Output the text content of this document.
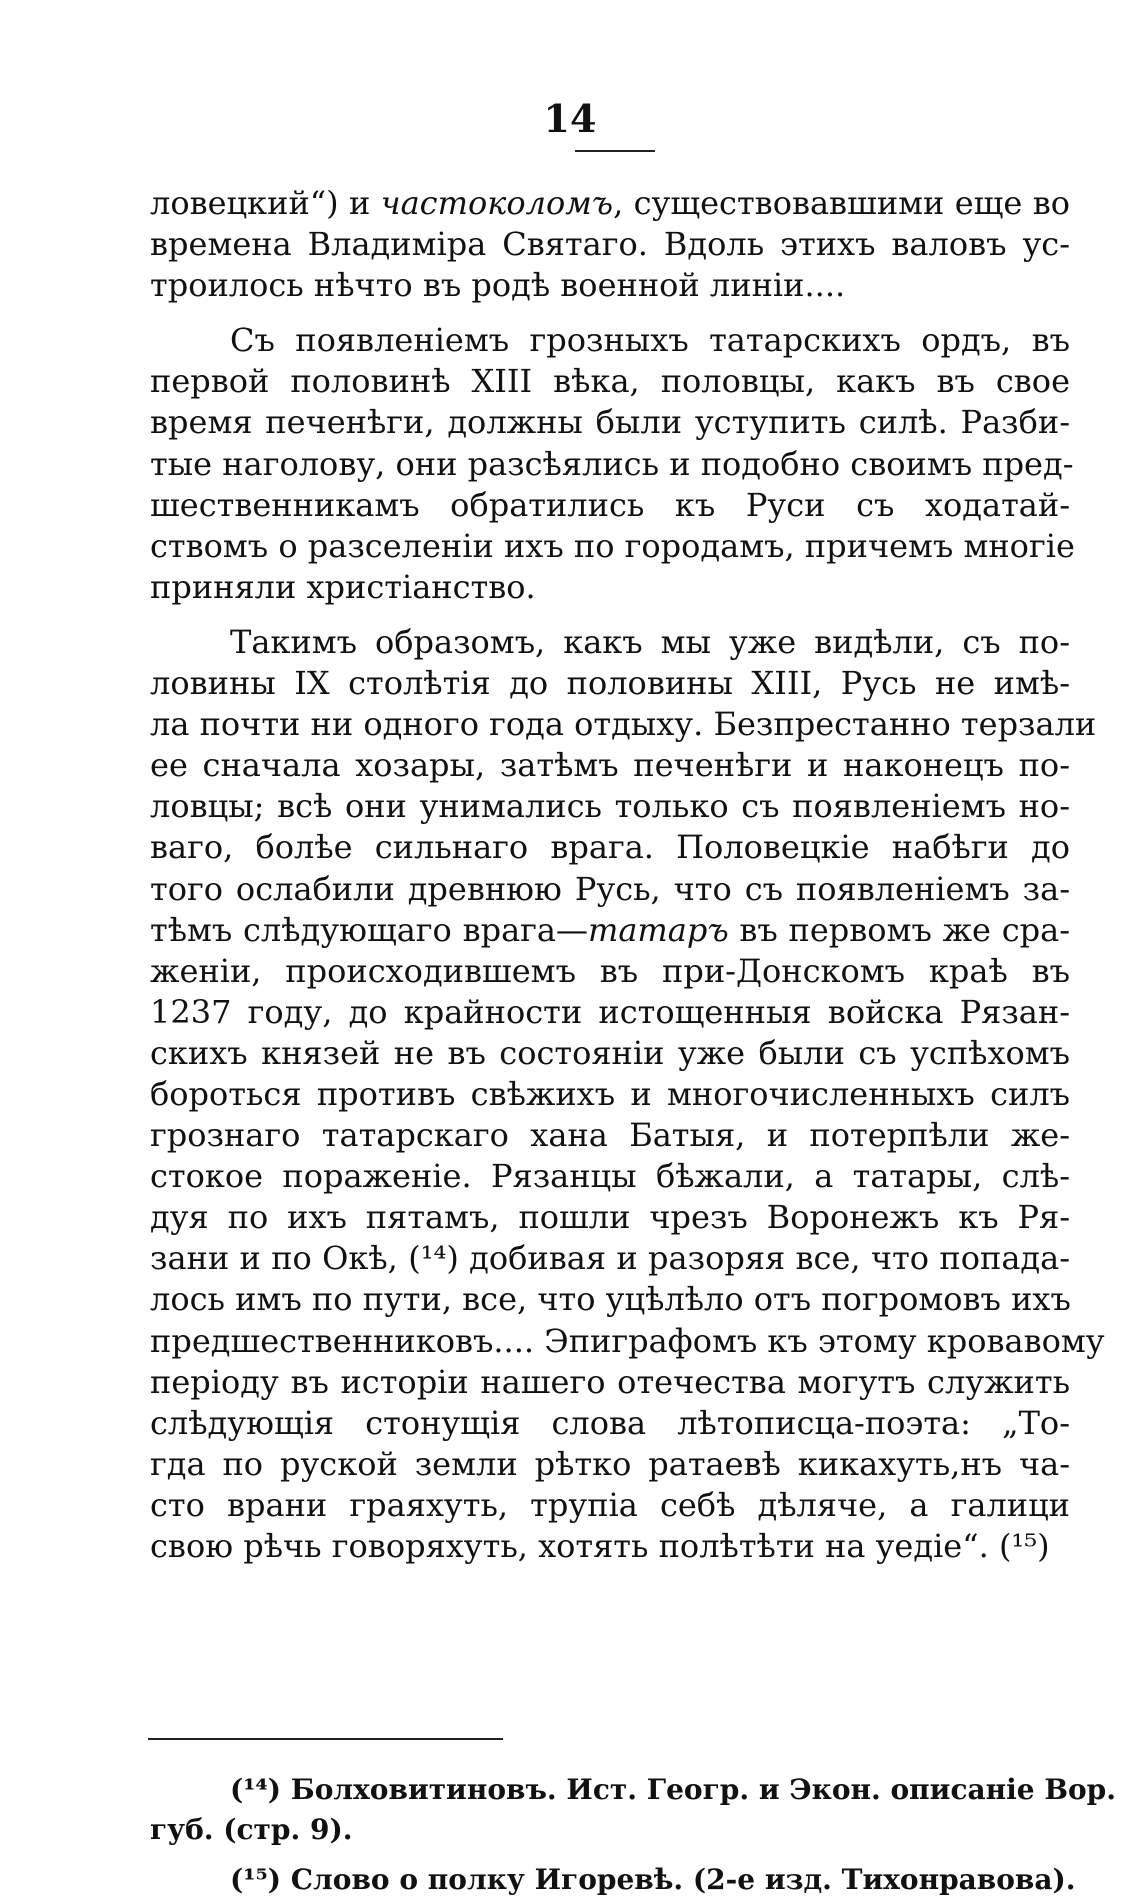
14
ловецкий“) и частоколомъ, существовавшими еще во
времена Владиміра Святаго. Вдоль этихъ валовъ ус-
троилось нѣчто въ родѣ военной линіи....
Съ появленіемъ грозныхъ татарскихъ ордъ, въ
первой половинѣ XIII вѣка, половцы, какъ въ свое
время печенѣги, должны были уступить силѣ. Разби-
тые наголову, они разсѣялись и подобно своимъ пред-
шественникамъ обратились къ Руси съ ходатай-
ствомъ о разселеніи ихъ по городамъ, причемъ многіе
приняли христіанство.
Такимъ образомъ, какъ мы уже видѣли, съ по-
ловины IX столѣтія до половины XIII, Русь не имѣ-
ла почти ни одного года отдыху. Безпрестанно терзали
ее сначала хозары, затѣмъ печенѣги и наконецъ по-
ловцы; всѣ они унимались только съ появленіемъ но-
ваго, болѣе сильнаго врага. Половецкіе набѣги до
того ослабили древнюю Русь, что съ появленіемъ за-
тѣмъ слѣдующаго врага—татаръ въ первомъ же сра-
женіи, происходившемъ въ при-Донскомъ краѣ въ
1237 году, до крайности истощенныя войска Рязан-
скихъ князей не въ состояніи уже были съ успѣхомъ
бороться противъ свѣжихъ и многочисленныхъ силъ
грознаго татарскаго хана Батыя, и потерпѣли же-
стокое пораженіе. Рязанцы бѣжали, а татары, слѣ-
дуя по ихъ пятамъ, пошли чрезъ Воронежъ къ Ря-
зани и по Окѣ, (¹⁴) добивая и разоряя все, что попада-
лось имъ по пути, все, что уцѣлѣло отъ погромовъ ихъ
предшественниковъ.... Эпиграфомъ къ этому кровавому
періоду въ исторіи нашего отечества могутъ служить
слѣдующія стонущія слова лѣтописца-поэта: „То-
гда по руской земли рѣтко ратаевѣ кикахуть,нъ ча-
сто врани граяхуть, трупіа себѣ дѣляче, а галици
свою рѣчь говоряхуть, хотять полѣтѣти на уедіе“. (¹⁵)
(¹⁴) Болховитиновъ. Ист. Геогр. и Экон. описаніе Вор.
губ. (стр. 9).
(¹⁵) Слово о полку Игоревѣ. (2-е изд. Тихонравова).
